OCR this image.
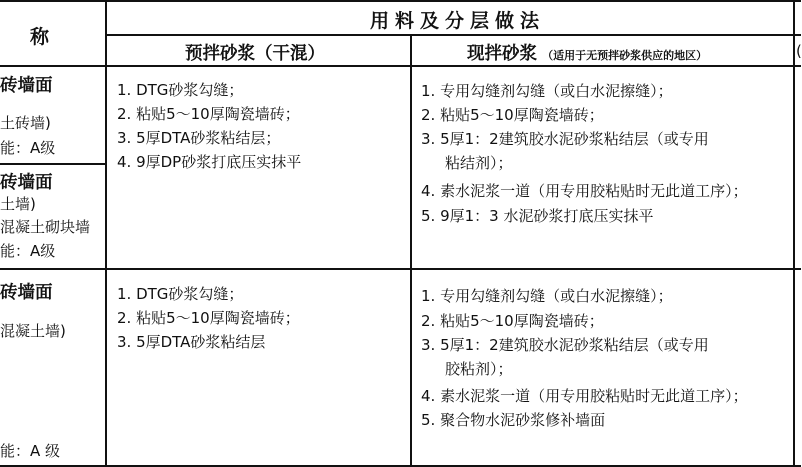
称
用料及分层做法
预拌砂浆（干混）	现拌砂浆 （适用于无预拌砂浆供应的地区）	(
砖墙面
土砖墙)
能：A级
砖墙面
土墙)
混凝土砌块墙
能：A级
1. DTG砂浆勾缝；
2. 粘贴5～10厚陶瓷墙砖；
3. 5厚DTA砂浆粘结层；
4. 9厚DP砂浆打底压实抹平
1. 专用勾缝剂勾缝（或白水泥擦缝）；
2. 粘贴5～10厚陶瓷墙砖；
3. 5厚1：2建筑胶水泥砂浆粘结层（或专用
粘结剂）；
4. 素水泥浆一道（用专用胶粘贴时无此道工序）；
5. 9厚1：3 水泥砂浆打底压实抹平
砖墙面
混凝土墙)
能：A 级
1. DTG砂浆勾缝；
2. 粘贴5～10厚陶瓷墙砖；
3. 5厚DTA砂浆粘结层
1. 专用勾缝剂勾缝（或白水泥擦缝）；
2. 粘贴5～10厚陶瓷墙砖；
3. 5厚1：2建筑胶水泥砂浆粘结层（或专用
胶粘剂）；
4. 素水泥浆一道（用专用胶粘贴时无此道工序）；
5. 聚合物水泥砂浆修补墙面
